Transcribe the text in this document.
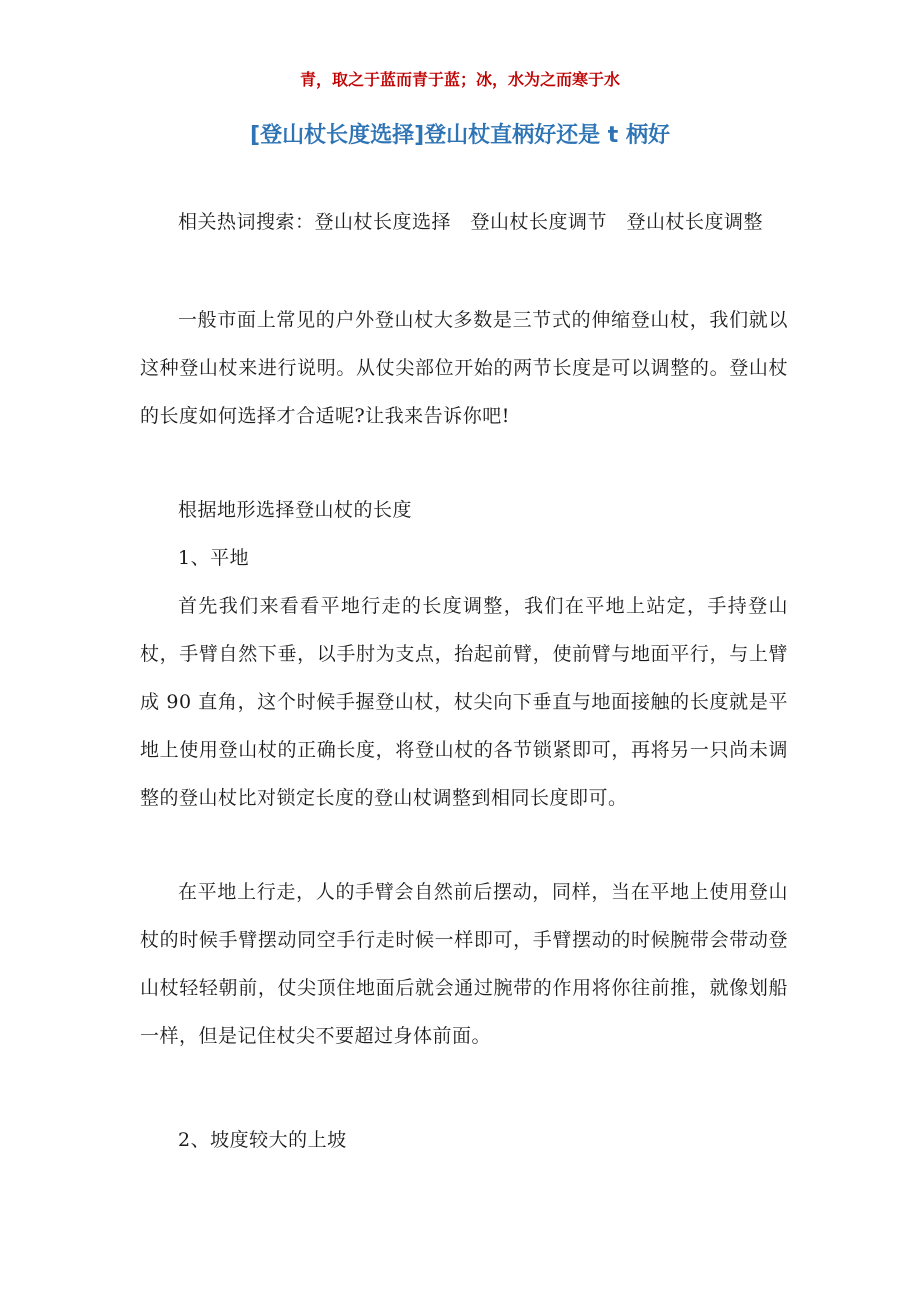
青，取之于蓝而青于蓝；冰，水为之而寒于水
[登山杖长度选择]登山杖直柄好还是 t 柄好

相关热词搜索：登山杖长度选择　登山杖长度调节　登山杖长度调整

一般市面上常见的户外登山杖大多数是三节式的伸缩登山杖，我们就以这种登山杖来进行说明。从仗尖部位开始的两节长度是可以调整的。登山杖的长度如何选择才合适呢?让我来告诉你吧!

根据地形选择登山杖的长度

1、平地

首先我们来看看平地行走的长度调整，我们在平地上站定，手持登山杖，手臂自然下垂，以手肘为支点，抬起前臂，使前臂与地面平行，与上臂成 90 直角，这个时候手握登山杖，杖尖向下垂直与地面接触的长度就是平地上使用登山杖的正确长度，将登山杖的各节锁紧即可，再将另一只尚未调整的登山杖比对锁定长度的登山杖调整到相同长度即可。

在平地上行走，人的手臂会自然前后摆动，同样，当在平地上使用登山杖的时候手臂摆动同空手行走时候一样即可，手臂摆动的时候腕带会带动登山杖轻轻朝前，仗尖顶住地面后就会通过腕带的作用将你往前推，就像划船一样，但是记住杖尖不要超过身体前面。

2、坡度较大的上坡
